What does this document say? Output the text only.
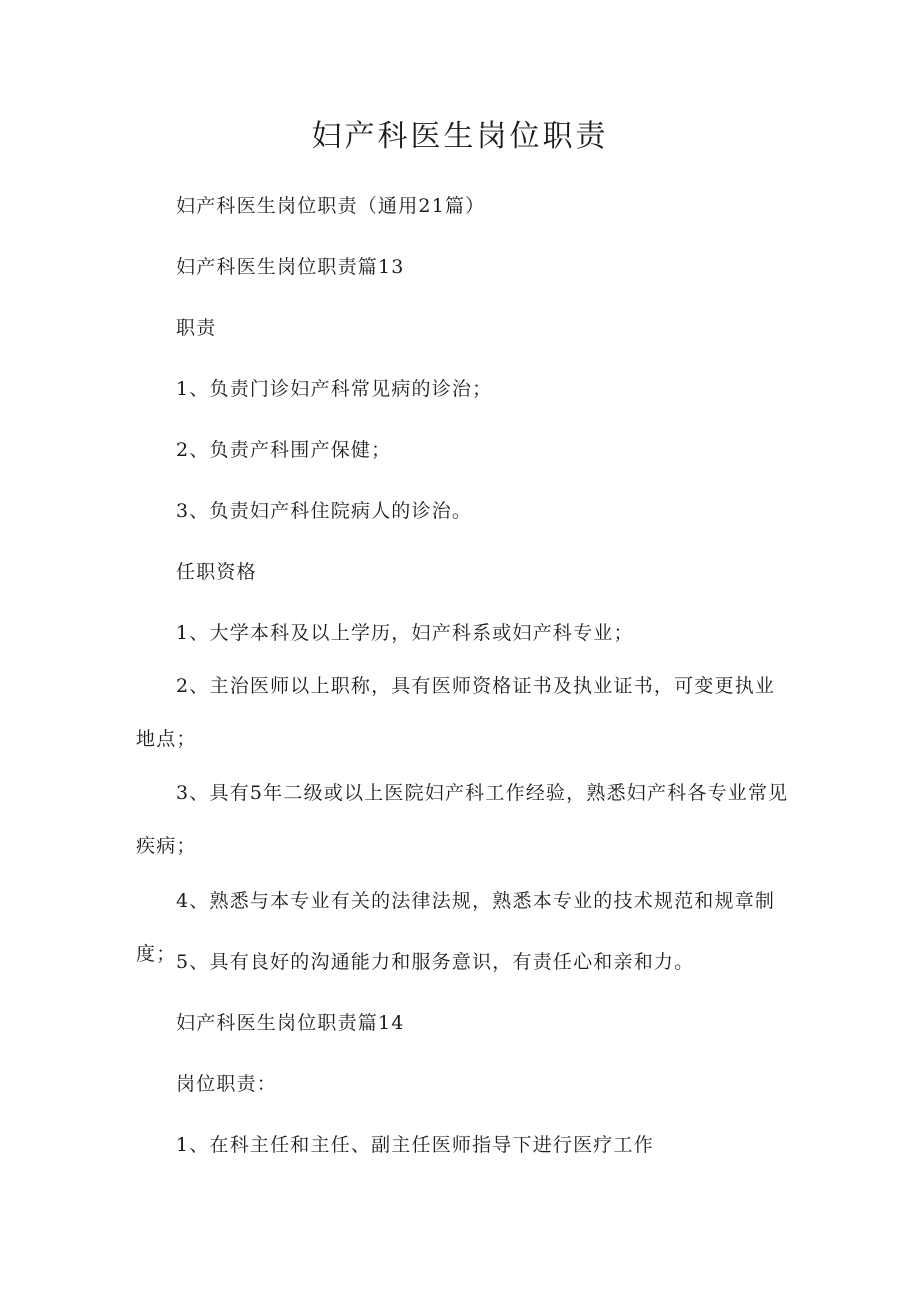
妇产科医生岗位职责

妇产科医生岗位职责（通用21篇）

妇产科医生岗位职责篇13

职责

1、负责门诊妇产科常见病的诊治；

2、负责产科围产保健；

3、负责妇产科住院病人的诊治。

任职资格

1、大学本科及以上学历，妇产科系或妇产科专业；

2、主治医师以上职称，具有医师资格证书及执业证书，可变更执业地点；

3、具有5年二级或以上医院妇产科工作经验，熟悉妇产科各专业常见疾病；

4、熟悉与本专业有关的法律法规，熟悉本专业的技术规范和规章制度； 5、具有良好的沟通能力和服务意识，有责任心和亲和力。

妇产科医生岗位职责篇14

岗位职责：

1、在科主任和主任、副主任医师指导下进行医疗工作
